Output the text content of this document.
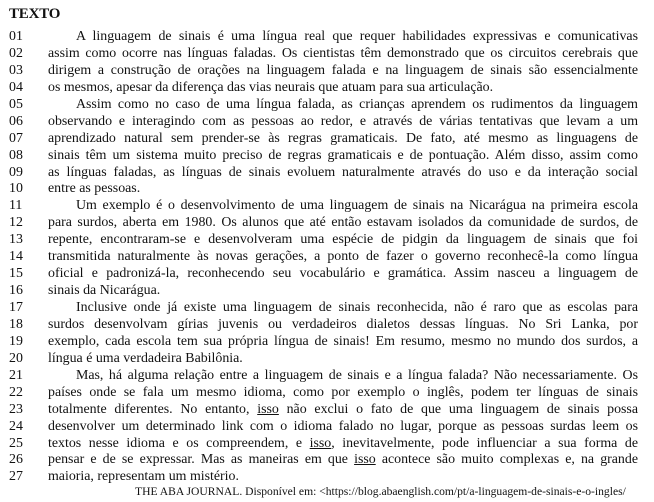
TEXTO
01	A linguagem de sinais é uma língua real que requer habilidades expressivas e comunicativas
02	assim como ocorre nas línguas faladas. Os cientistas têm demonstrado que os circuitos cerebrais que
03	dirigem a construção de orações na linguagem falada e na linguagem de sinais são essencialmente
04	os mesmos, apesar da diferença das vias neurais que atuam para sua articulação.
05	Assim como no caso de uma língua falada, as crianças aprendem os rudimentos da linguagem
06	observando e interagindo com as pessoas ao redor, e através de várias tentativas que levam a um
07	aprendizado natural sem prender-se às regras gramaticais. De fato, até mesmo as linguagens de
08	sinais têm um sistema muito preciso de regras gramaticais e de pontuação. Além disso, assim como
09	as línguas faladas, as línguas de sinais evoluem naturalmente através do uso e da interação social
10	entre as pessoas.
11	Um exemplo é o desenvolvimento de uma linguagem de sinais na Nicarágua na primeira escola
12	para surdos, aberta em 1980. Os alunos que até então estavam isolados da comunidade de surdos, de
13	repente, encontraram-se e desenvolveram uma espécie de pidgin da linguagem de sinais que foi
14	transmitida naturalmente às novas gerações, a ponto de fazer o governo reconhecê-la como língua
15	oficial e padronizá-la, reconhecendo seu vocabulário e gramática. Assim nasceu a linguagem de
16	sinais da Nicarágua.
17	Inclusive onde já existe uma linguagem de sinais reconhecida, não é raro que as escolas para
18	surdos desenvolvam gírias juvenis ou verdadeiros dialetos dessas línguas. No Sri Lanka, por
19	exemplo, cada escola tem sua própria língua de sinais! Em resumo, mesmo no mundo dos surdos, a
20	língua é uma verdadeira Babilônia.
21	Mas, há alguma relação entre a linguagem de sinais e a língua falada? Não necessariamente. Os
22	países onde se fala um mesmo idioma, como por exemplo o inglês, podem ter línguas de sinais
23	totalmente diferentes. No entanto, isso não exclui o fato de que uma linguagem de sinais possa
24	desenvolver um determinado link com o idioma falado no lugar, porque as pessoas surdas leem os
25	textos nesse idioma e os compreendem, e isso, inevitavelmente, pode influenciar a sua forma de
26	pensar e de se expressar. Mas as maneiras em que isso acontece são muito complexas e, na grande
27	maioria, representam um mistério.
THE ABA JOURNAL. Disponível em: <https://blog.abaenglish.com/pt/a-linguagem-de-sinais-e-o-ingles/
